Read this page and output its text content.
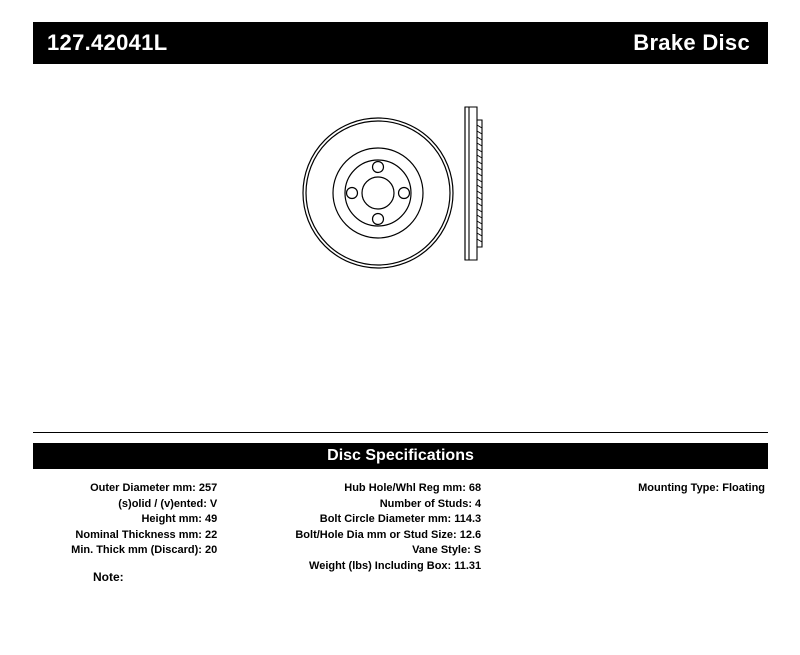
127.42041L	Brake Disc
Disc Specifications
Outer Diameter mm: 257
(s)olid / (v)ented: V
Height mm: 49
Nominal Thickness mm: 22
Min. Thick mm (Discard): 20
Hub Hole/Whl Reg mm: 68
Number of Studs: 4
Bolt Circle Diameter mm: 114.3
Bolt/Hole Dia mm or Stud Size: 12.6
Vane Style: S
Weight (lbs) Including Box: 11.31
Mounting Type: Floating
Note:
